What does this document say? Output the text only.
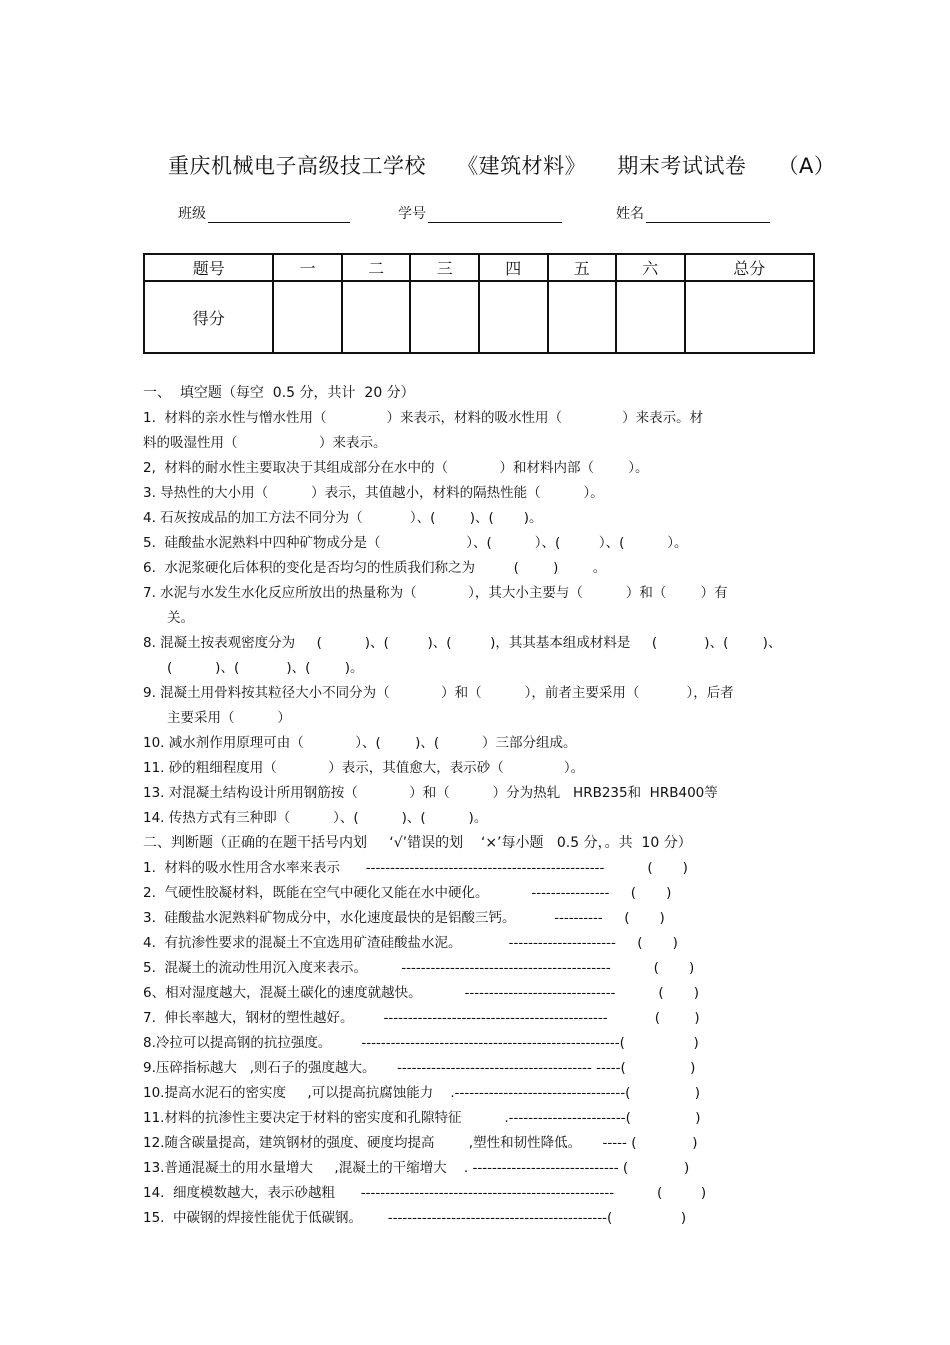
重庆机械电子高级技工学校 《建筑材料》 期末考试试卷 （A）
班级	学号	姓名
题号	一	二	三	四	五	六	总分
得分							
一、  填空题（每空  0.5 分，共计  20 分）
1.  材料的亲水性与憎水性用（              ）来表示，材料的吸水性用（              ）来表示。材
料的吸湿性用（                   ）来表示。
2,  材料的耐水性主要取决于其组成部分在水中的（            ）和材料内部（        ）。
3. 导热性的大小用（          ）表示，其值越小，材料的隔热性能（          ）。
4. 石灰按成品的加工方法不同分为（           ）、(        )、(       )。
5.  硅酸盐水泥熟料中四种矿物成分是（                    ）、(          ）、(         ）、(          ）。
6.  水泥浆硬化后体积的变化是否均匀的性质我们称之为         (        )        。
7. 水泥与水发生水化反应所放出的热量称为（            ），其大小主要与（          ）和（        ）有
关。
8. 混凝土按表观密度分为     (          )、(         )、(         )，其其基本组成材料是     (           )、(        )、
(          )、(           )、(        )。
9. 混凝土用骨料按其粒径大小不同分为（            ）和（          ），前者主要采用（           ），后者
主要采用（          ）
10. 减水剂作用原理可由（            ）、(        )、(          ）三部分组成。
11. 砂的粗细程度用（            ）表示，其值愈大，表示砂（              ）。
13. 对混凝土结构设计所用钢筋按（            ）和（          ）分为热轧   HRB235和  HRB400等
14. 传热方式有三种即（          ）、(          )、(          )。
二、判断题（正确的在题干括号内划     ‘√’错误的划    ‘×’每小题   0.5 分，。共  10 分）
1.  材料的吸水性用含水率来表示      -------------------------------------------------          (       )
2.  气硬性胶凝材料，既能在空气中硬化又能在水中硬化。          ----------------     (       )
3.  硅酸盐水泥熟料矿物成分中，水化速度最快的是铝酸三钙。         ----------     (       )
4.  有抗渗性要求的混凝土不宜选用矿渣硅酸盐水泥。           ----------------------     (       )
5.  混凝土的流动性用沉入度来表示。        -------------------------------------------          (       )
6、相对湿度越大，混凝土碳化的速度就越快。          -------------------------------          (       )
7.  伸长率越大，钢材的塑性越好。       ----------------------------------------------           (        )
8.冷拉可以提高钢的抗拉强度。       -----------------------------------------------------(                )
9.压碎指标越大   ,则石子的强度越大。     ---------------------------------------- -----(               )
10.提高水泥石的密实度     ,可以提高抗腐蚀能力    .-----------------------------------(               )
11.材料的抗渗性主要决定于材料的密实度和孔隙特征          .------------------------(               )
12.随含碳量提高，建筑钢材的强度、硬度均提高        ,塑性和韧性降低。     ----- (             )
13.普通混凝土的用水量增大     ,混凝土的干缩增大    . ------------------------------ (             )
14.  细度模数越大，表示砂越粗      ----------------------------------------------------          (         )
15.  中碳钢的焊接性能优于低碳钢。      ---------------------------------------------(                )
